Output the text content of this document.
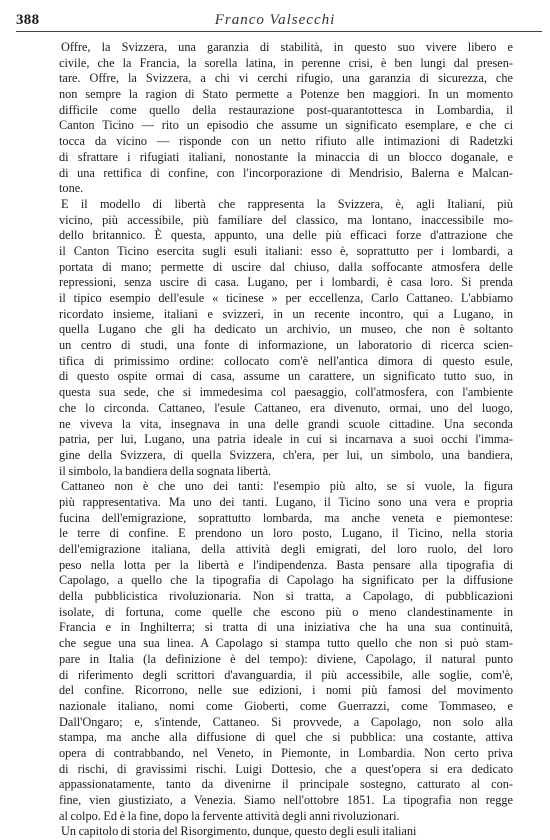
388	Franco Valsecchi
Offre, la Svizzera, una garanzia di stabilità, in questo suo vivere libero e
civile, che la Francia, la sorella latina, in perenne crisi, è ben lungi dal presen-
tare. Offre, la Svizzera, a chi vi cerchi rifugio, una garanzia di sicurezza, che
non sempre la ragion di Stato permette a Potenze ben maggiori. In un momento
difficile come quello della restaurazione post-quarantottesca in Lombardia, il
Canton Ticino — rito un episodio che assume un significato esemplare, e che ci
tocca da vicino — risponde con un netto rifiuto alle intimazioni di Radetzki
di sfrattare i rifugiati italiani, nonostante la minaccia di un blocco doganale, e
di una rettifica di confine, con l'incorporazione di Mendrisio, Balerna e Malcan-
tone.
E il modello di libertà che rappresenta la Svizzera, è, agli Italiani, più
vicino, più accessibile, più familiare del classico, ma lontano, inaccessibile mo-
dello britannico. È questa, appunto, una delle più efficaci forze d'attrazione che
il Canton Ticino esercita sugli esuli italiani: esso è, soprattutto per i lombardi, a
portata di mano; permette di uscire dal chiuso, dalla soffocante atmosfera delle
repressioni, senza uscire di casa. Lugano, per i lombardi, è casa loro. Si prenda
il tipico esempio dell'esule « ticinese » per eccellenza, Carlo Cattaneo. L'abbiamo
ricordato insieme, italiani e svizzeri, in un recente incontro, qui a Lugano, in
quella Lugano che gli ha dedicato un archivio, un museo, che non è soltanto
un centro di studi, una fonte di informazione, un laboratorio di ricerca scien-
tifica di primissimo ordine: collocato com'è nell'antica dimora di questo esule,
di questo ospite ormai di casa, assume un carattere, un significato tutto suo, in
questa sua sede, che si immedesima col paesaggio, coll'atmosfera, con l'ambiente
che lo circonda. Cattaneo, l'esule Cattaneo, era divenuto, ormai, uno del luogo,
ne viveva la vita, insegnava in una delle grandi scuole cittadine. Una seconda
patria, per lui, Lugano, una patria ideale in cui si incarnava a suoi occhi l'imma-
gine della Svizzera, di quella Svizzera, ch'era, per lui, un simbolo, una bandiera,
il simbolo, la bandiera della sognata libertà.
Cattaneo non è che uno dei tanti: l'esempio più alto, se si vuole, la figura
più rappresentativa. Ma uno dei tanti. Lugano, il Ticino sono una vera e propria
fucina dell'emigrazione, soprattutto lombarda, ma anche veneta e piemontese:
le terre di confine. E prendono un loro posto, Lugano, il Ticino, nella storia
dell'emigrazione italiana, della attività degli emigrati, del loro ruolo, del loro
peso nella lotta per la libertà e l'indipendenza. Basta pensare alla tipografia di
Capolago, a quello che la tipografia di Capolago ha significato per la diffusione
della pubblicistica rivoluzionaria. Non si tratta, a Capolago, di pubblicazioni
isolate, di fortuna, come quelle che escono più o meno clandestinamente in
Francia e in Inghilterra; si tratta di una iniziativa che ha una sua continuità,
che segue una sua linea. A Capolago si stampa tutto quello che non si può stam-
pare in Italia (la definizione è del tempo): diviene, Capolago, il natural punto
di riferimento degli scrittori d'avanguardia, il più accessibile, alle soglie, com'è,
del confine. Ricorrono, nelle sue edizioni, i nomi più famosi del movimento
nazionale italiano, nomi come Gioberti, come Guerrazzi, come Tommaseo, e
Dall'Ongaro; e, s'intende, Cattaneo. Si provvede, a Capolago, non solo alla
stampa, ma anche alla diffusione di quel che si pubblica: una costante, attiva
opera di contrabbando, nel Veneto, in Piemonte, in Lombardia. Non certo priva
di rischi, di gravissimi rischi. Luigi Dottesio, che a quest'opera si era dedicato
appassionatamente, tanto da divenirne il principale sostegno, catturato al con-
fine, vien giustiziato, a Venezia. Siamo nell'ottobre 1851. La tipografia non regge
al colpo. Ed è la fine, dopo la fervente attività degli anni rivoluzionari.
Un capitolo di storia del Risorgimento, dunque, questo degli esuli italiani
